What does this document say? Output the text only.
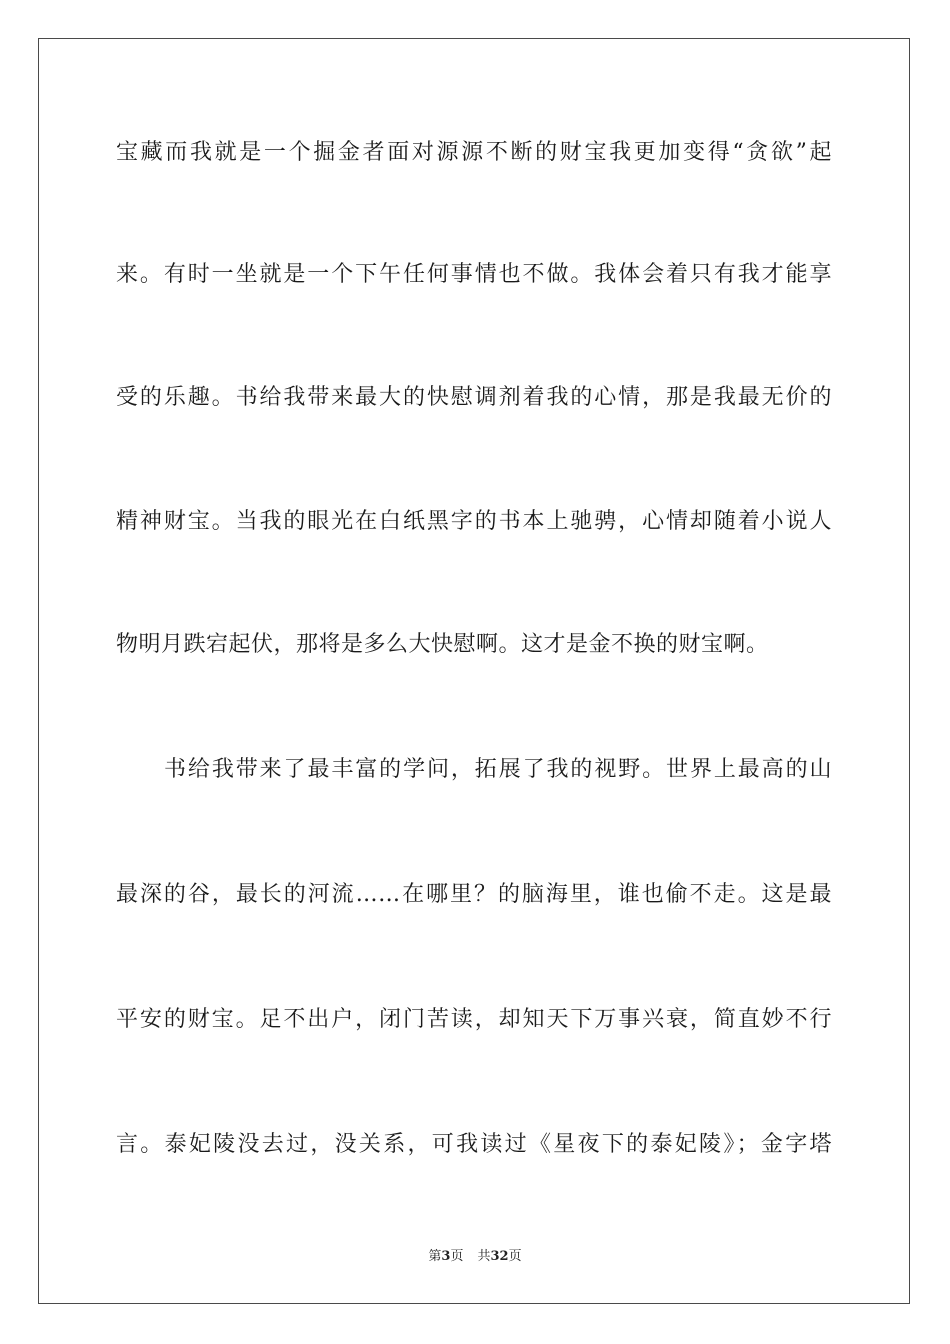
宝藏而我就是一个掘金者面对源源不断的财宝我更加变得“贪欲”起
来。有时一坐就是一个下午任何事情也不做。我体会着只有我才能享
受的乐趣。书给我带来最大的快慰调剂着我的心情，那是我最无价的
精神财宝。当我的眼光在白纸黑字的书本上驰骋，心情却随着小说人
物明月跌宕起伏，那将是多么大快慰啊。这才是金不换的财宝啊。
书给我带来了最丰富的学问，拓展了我的视野。世界上最高的山
最深的谷，最长的河流……在哪里？的脑海里，谁也偷不走。这是最
平安的财宝。足不出户，闭门苦读，却知天下万事兴衰，简直妙不行
言。泰妃陵没去过，没关系，可我读过《星夜下的泰妃陵》；金字塔
第3页 共32页
